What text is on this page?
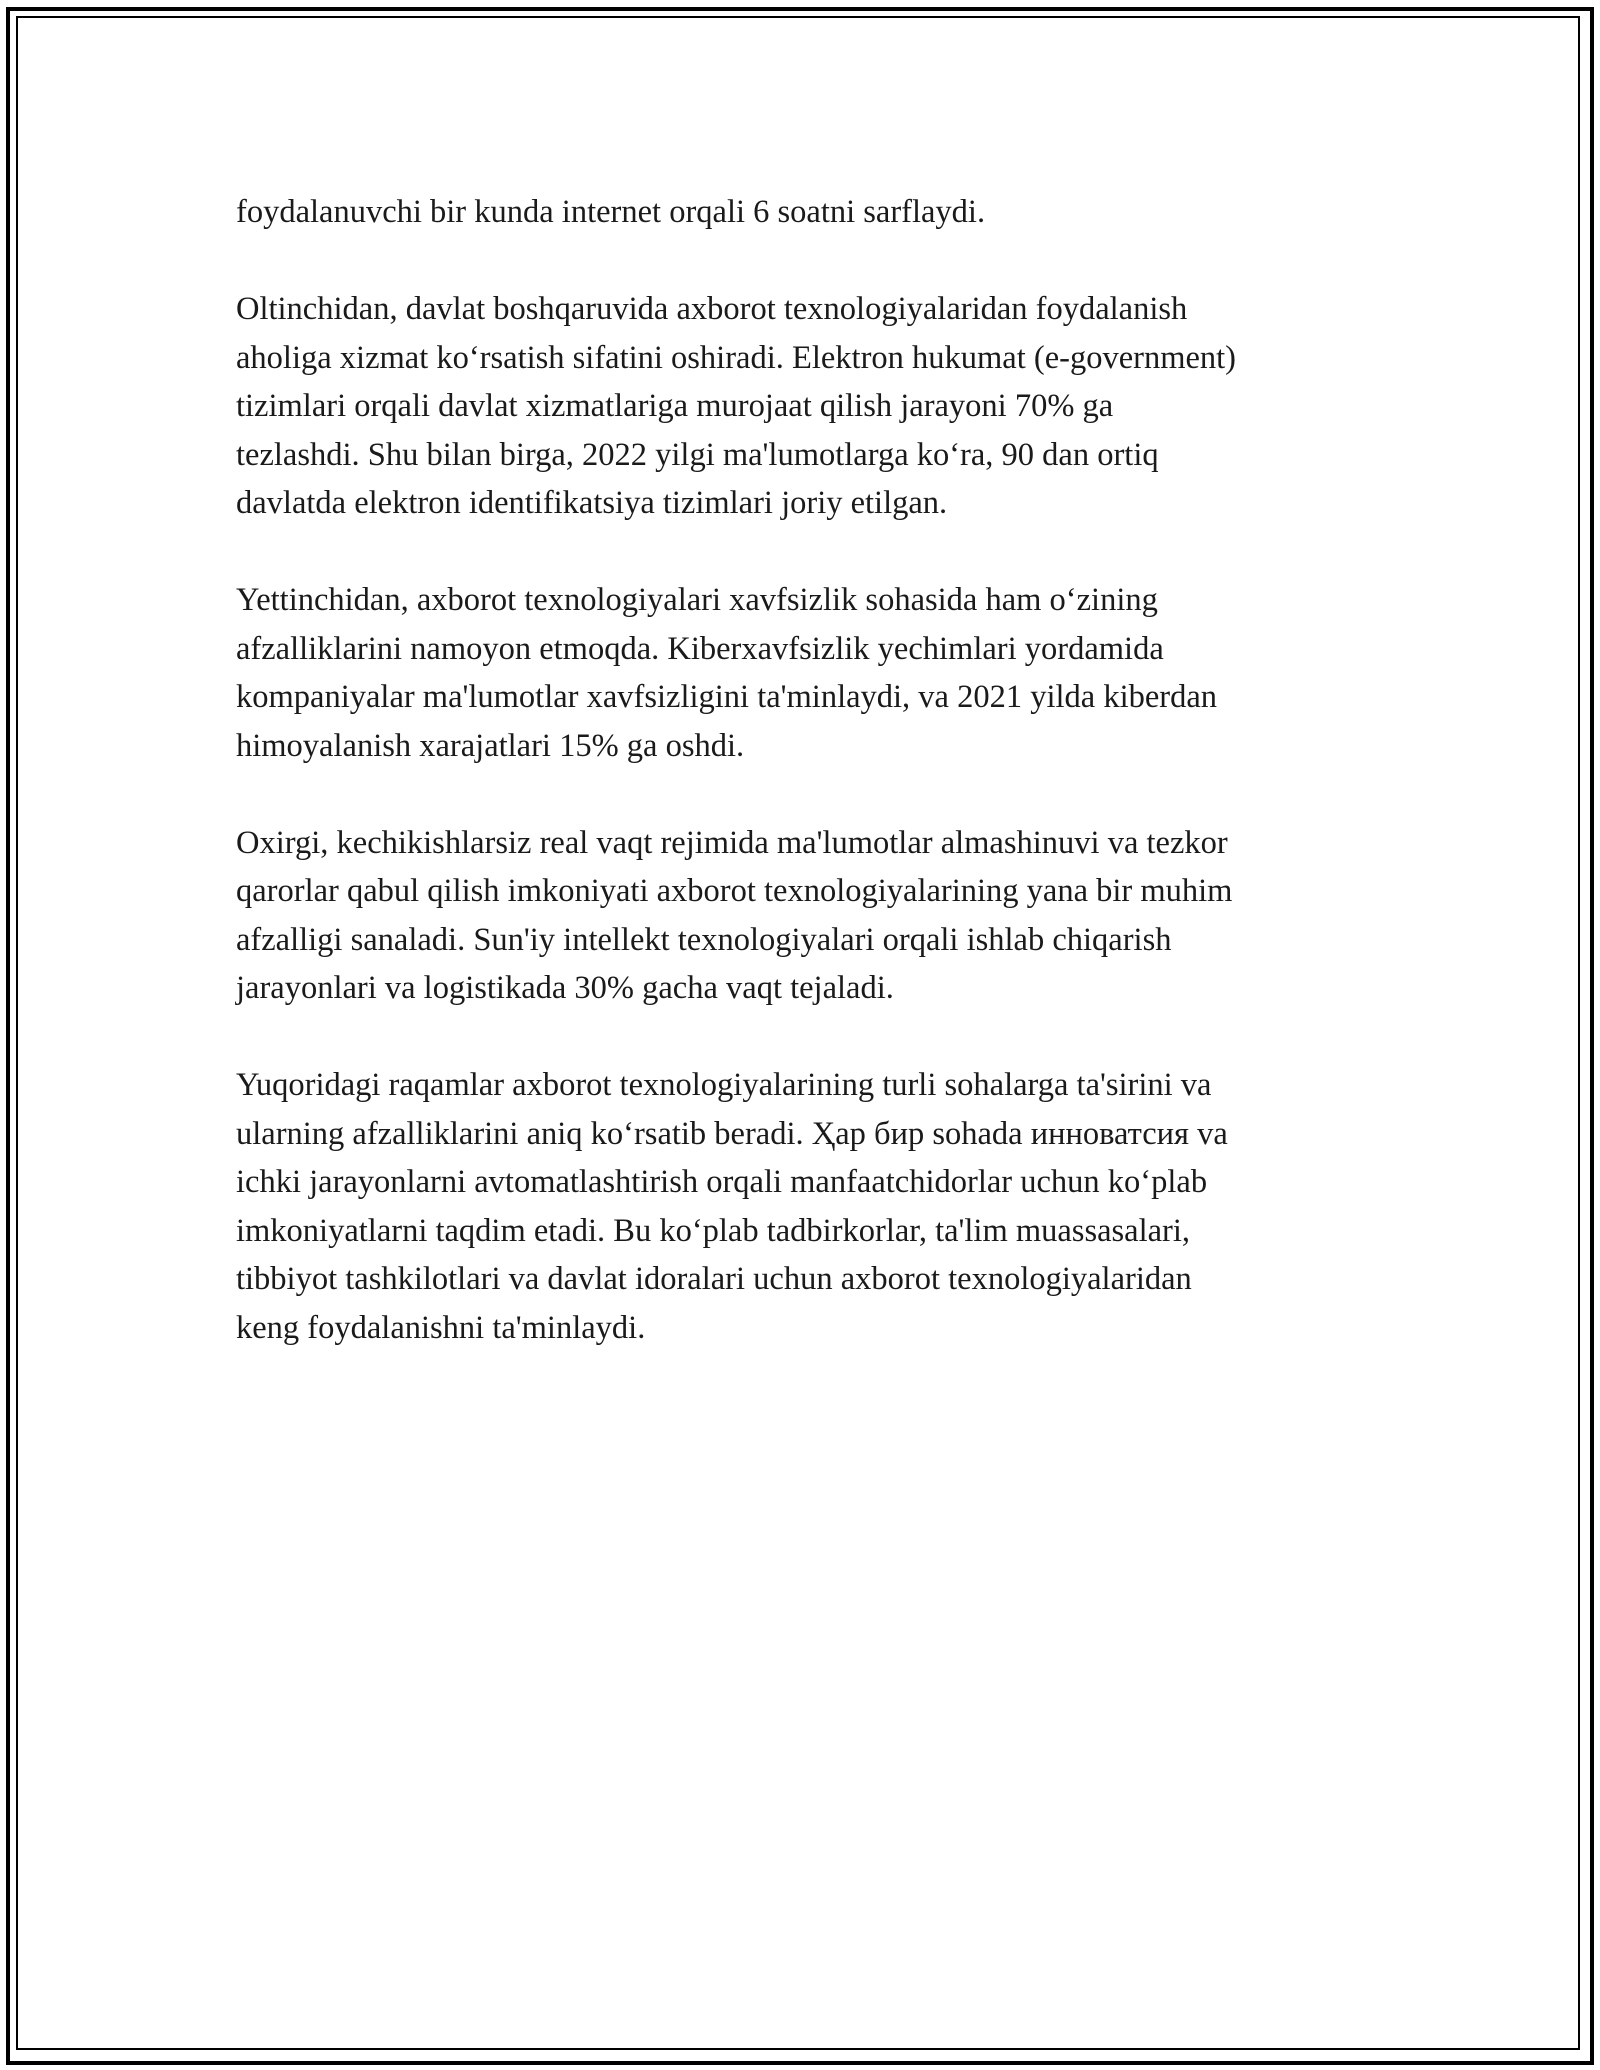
foydalanuvchi bir kunda internet orqali 6 soatni sarflaydi.

Oltinchidan, davlat boshqaruvida axborot texnologiyalaridan foydalanish
aholiga xizmat ko‘rsatish sifatini oshiradi. Elektron hukumat (e-government)
tizimlari orqali davlat xizmatlariga murojaat qilish jarayoni 70% ga
tezlashdi. Shu bilan birga, 2022 yilgi ma'lumotlarga ko‘ra, 90 dan ortiq
davlatda elektron identifikatsiya tizimlari joriy etilgan.

Yettinchidan, axborot texnologiyalari xavfsizlik sohasida ham o‘zining
afzalliklarini namoyon etmoqda. Kiberxavfsizlik yechimlari yordamida
kompaniyalar ma'lumotlar xavfsizligini ta'minlaydi, va 2021 yilda kiberdan
himoyalanish xarajatlari 15% ga oshdi.

Oxirgi, kechikishlarsiz real vaqt rejimida ma'lumotlar almashinuvi va tezkor
qarorlar qabul qilish imkoniyati axborot texnologiyalarining yana bir muhim
afzalligi sanaladi. Sun'iy intellekt texnologiyalari orqali ishlab chiqarish
jarayonlari va logistikada 30% gacha vaqt tejaladi.

Yuqoridagi raqamlar axborot texnologiyalarining turli sohalarga ta'sirini va
ularning afzalliklarini aniq ko‘rsatib beradi. Ҳар бир sohada инноватсия va
ichki jarayonlarni avtomatlashtirish orqali manfaatchidorlar uchun ko‘plab
imkoniyatlarni taqdim etadi. Bu ko‘plab tadbirkorlar, ta'lim muassasalari,
tibbiyot tashkilotlari va davlat idoralari uchun axborot texnologiyalaridan
keng foydalanishni ta'minlaydi.
